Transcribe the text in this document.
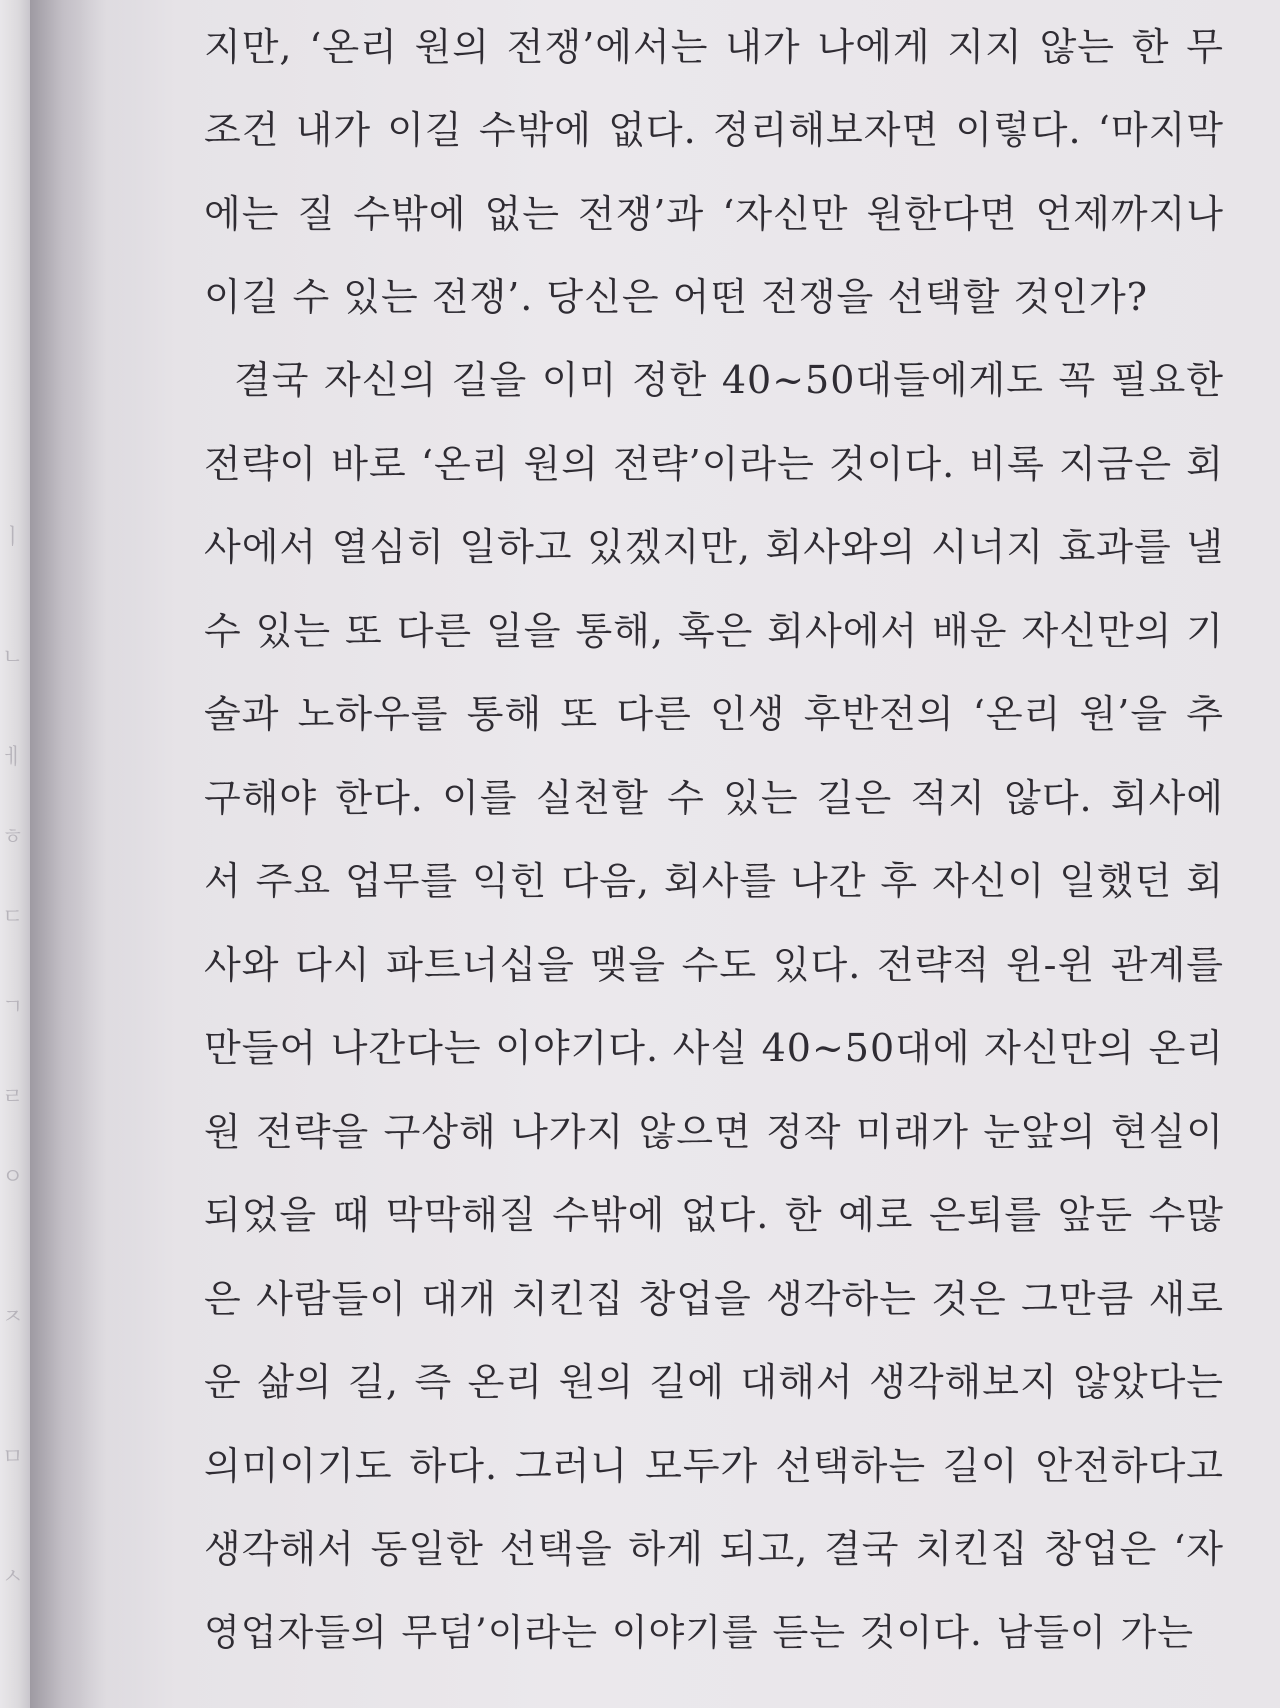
ㅣ
ㄴ
ㅔ
ㅎ
ㄷ
ㄱ
ㄹ
ㅇ
ㅈ
ㅁ
ㅅ
지만, ‘온리 원의 전쟁’에서는 내가 나에게 지지 않는 한 무
조건 내가 이길 수밖에 없다. 정리해보자면 이렇다. ‘마지막
에는 질 수밖에 없는 전쟁’과 ‘자신만 원한다면 언제까지나
이길 수 있는 전쟁’. 당신은 어떤 전쟁을 선택할 것인가?
결국 자신의 길을 이미 정한 40~50대들에게도 꼭 필요한
전략이 바로 ‘온리 원의 전략’이라는 것이다. 비록 지금은 회
사에서 열심히 일하고 있겠지만, 회사와의 시너지 효과를 낼
수 있는 또 다른 일을 통해, 혹은 회사에서 배운 자신만의 기
술과 노하우를 통해 또 다른 인생 후반전의 ‘온리 원’을 추
구해야 한다. 이를 실천할 수 있는 길은 적지 않다. 회사에
서 주요 업무를 익힌 다음, 회사를 나간 후 자신이 일했던 회
사와 다시 파트너십을 맺을 수도 있다. 전략적 윈-윈 관계를
만들어 나간다는 이야기다. 사실 40~50대에 자신만의 온리
원 전략을 구상해 나가지 않으면 정작 미래가 눈앞의 현실이
되었을 때 막막해질 수밖에 없다. 한 예로 은퇴를 앞둔 수많
은 사람들이 대개 치킨집 창업을 생각하는 것은 그만큼 새로
운 삶의 길, 즉 온리 원의 길에 대해서 생각해보지 않았다는
의미이기도 하다. 그러니 모두가 선택하는 길이 안전하다고
생각해서 동일한 선택을 하게 되고, 결국 치킨집 창업은 ‘자
영업자들의 무덤’이라는 이야기를 듣는 것이다. 남들이 가는
